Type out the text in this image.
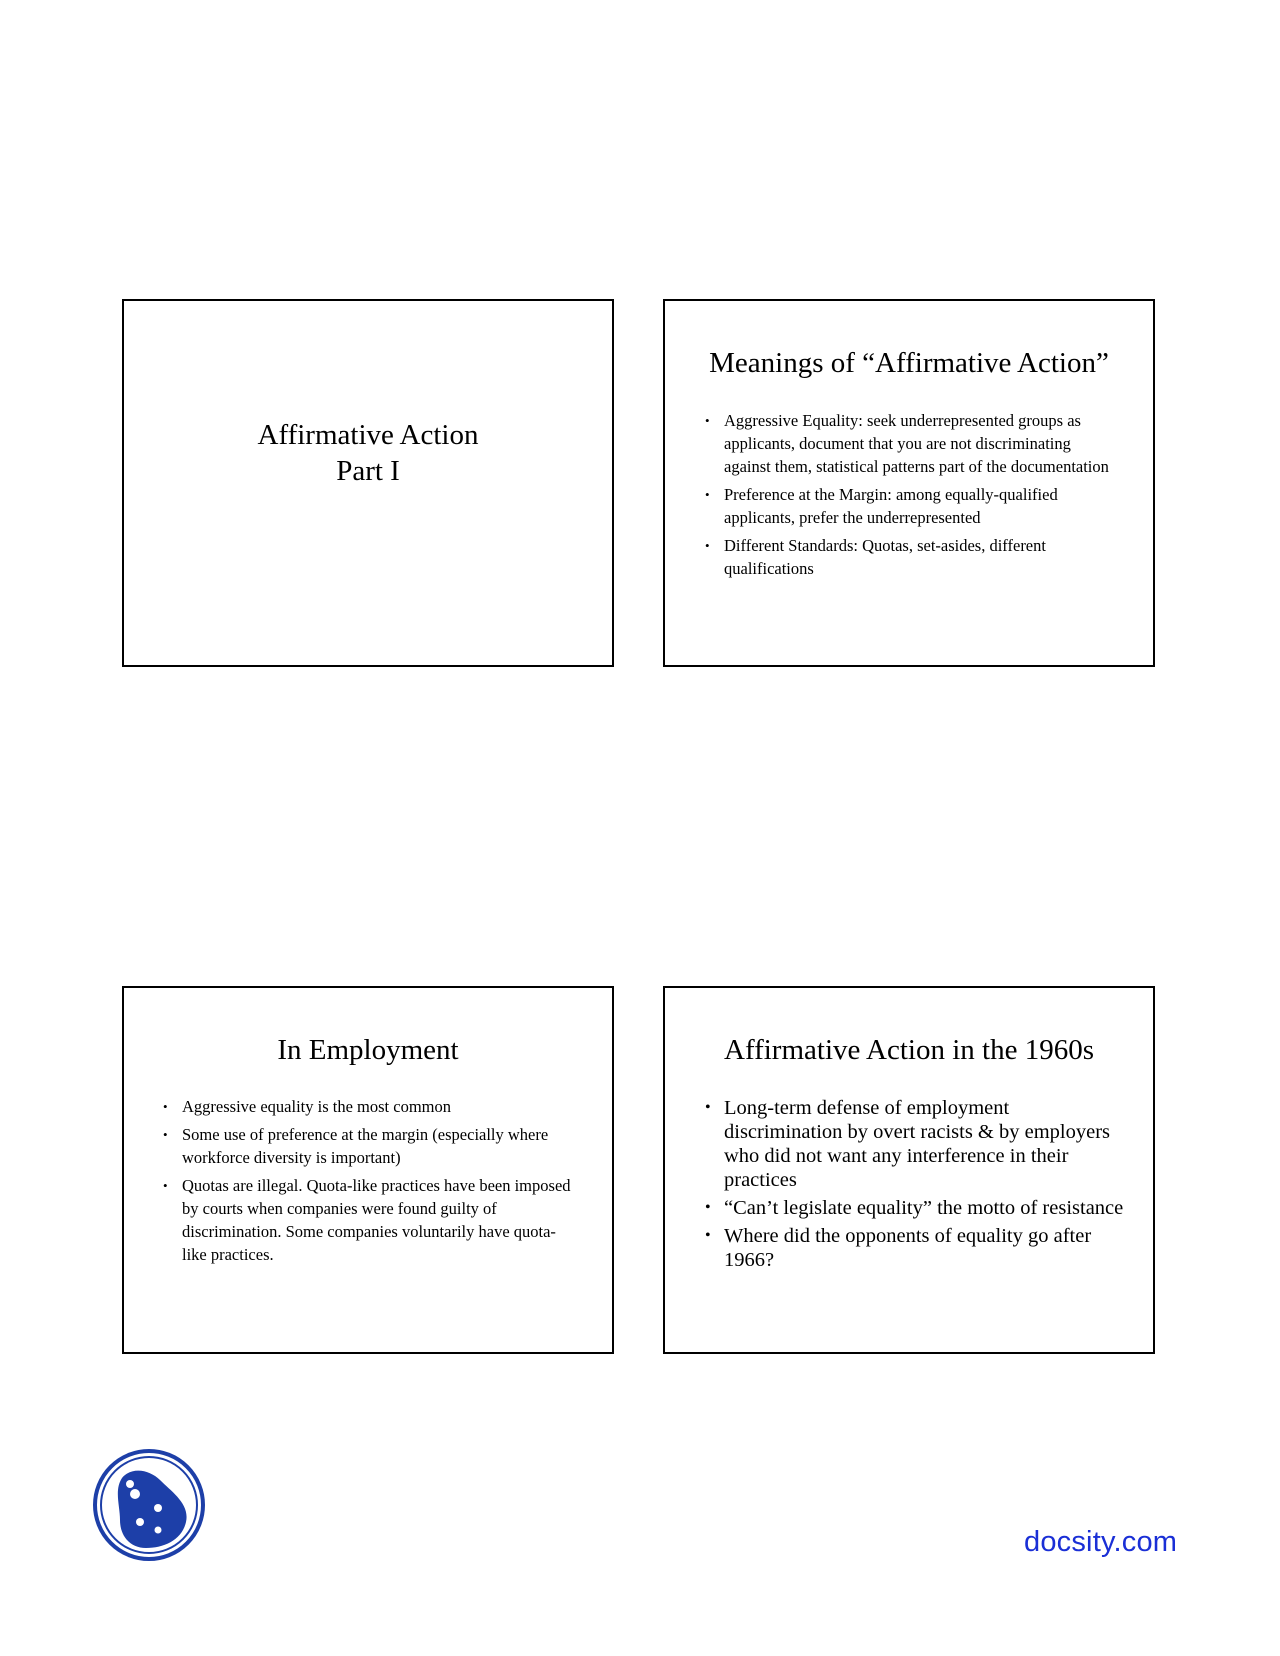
Affirmative Action
Part I
Meanings of “Affirmative Action”
• Aggressive Equality: seek underrepresented groups as applicants, document that you are not discriminating against them, statistical patterns part of the documentation
• Preference at the Margin: among equally-qualified applicants, prefer the underrepresented
• Different Standards: Quotas, set-asides, different qualifications
In Employment
• Aggressive equality is the most common
• Some use of preference at the margin (especially where workforce diversity is important)
• Quotas are illegal. Quota-like practices have been imposed by courts when companies were found guilty of discrimination. Some companies voluntarily have quota-like practices.
Affirmative Action in the 1960s
• Long-term defense of employment discrimination by overt racists & by employers who did not want any interference in their practices
• “Can’t legislate equality” the motto of resistance
• Where did the opponents of equality go after 1966?
docsity.com
